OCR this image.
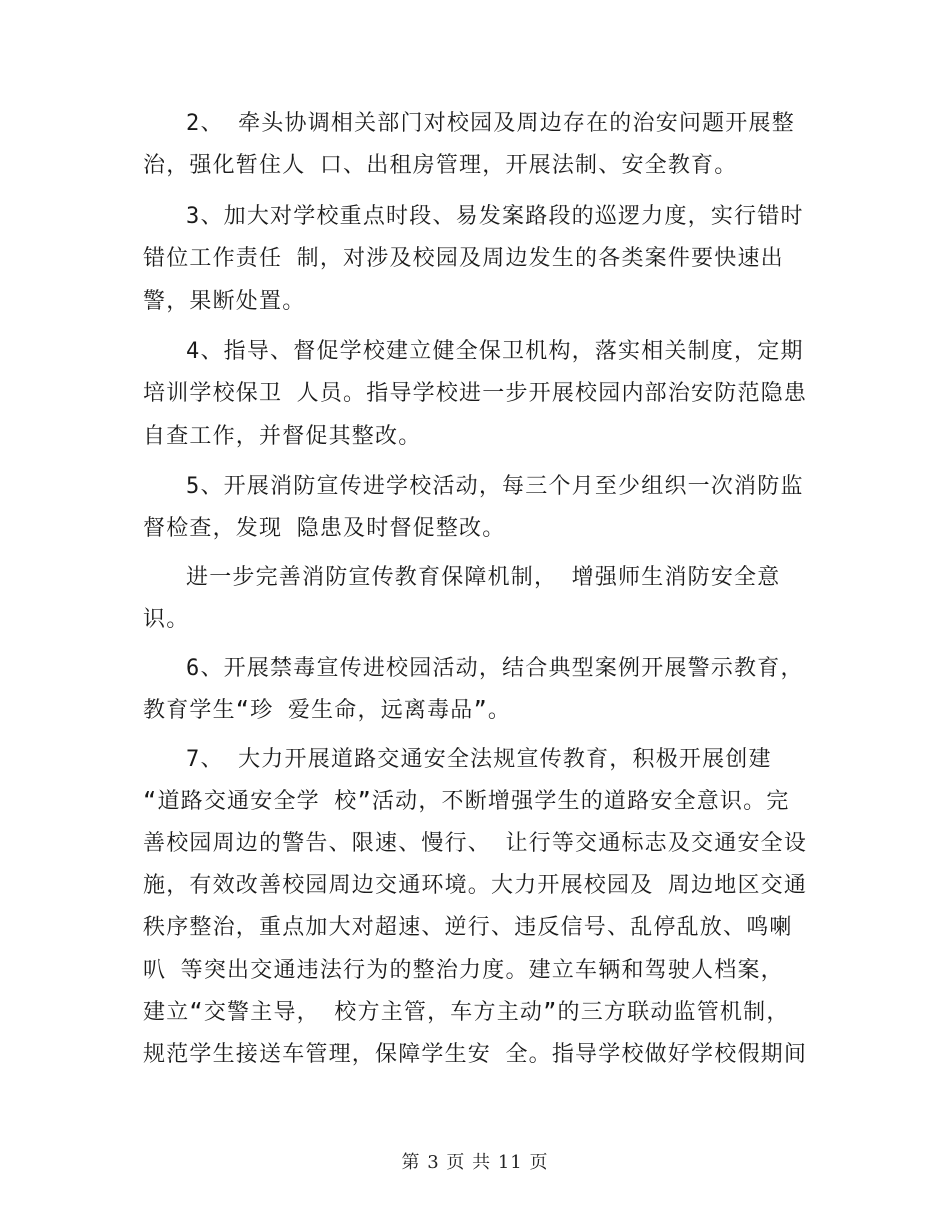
2、 牵头协调相关部门对校园及周边存在的治安问题开展整
治，强化暂住人 口、出租房管理，开展法制、安全教育。
3、加大对学校重点时段、易发案路段的巡逻力度，实行错时
错位工作责任 制，对涉及校园及周边发生的各类案件要快速出
警，果断处置。
4、指导、督促学校建立健全保卫机构，落实相关制度，定期
培训学校保卫 人员。指导学校进一步开展校园内部治安防范隐患
自查工作，并督促其整改。
5、开展消防宣传进学校活动，每三个月至少组织一次消防监
督检查，发现 隐患及时督促整改。
进一步完善消防宣传教育保障机制， 增强师生消防安全意
识。
6、开展禁毒宣传进校园活动，结合典型案例开展警示教育，
教育学生“珍 爱生命，远离毒品”。
7、 大力开展道路交通安全法规宣传教育，积极开展创建
“道路交通安全学 校”活动，不断增强学生的道路安全意识。完
善校园周边的警告、限速、慢行、 让行等交通标志及交通安全设
施，有效改善校园周边交通环境。大力开展校园及 周边地区交通
秩序整治，重点加大对超速、逆行、违反信号、乱停乱放、鸣喇
叭 等突出交通违法行为的整治力度。建立车辆和驾驶人档案，
建立“交警主导， 校方主管，车方主动”的三方联动监管机制，
规范学生接送车管理，保障学生安 全。指导学校做好学校假期间
第 3 页 共 11 页
